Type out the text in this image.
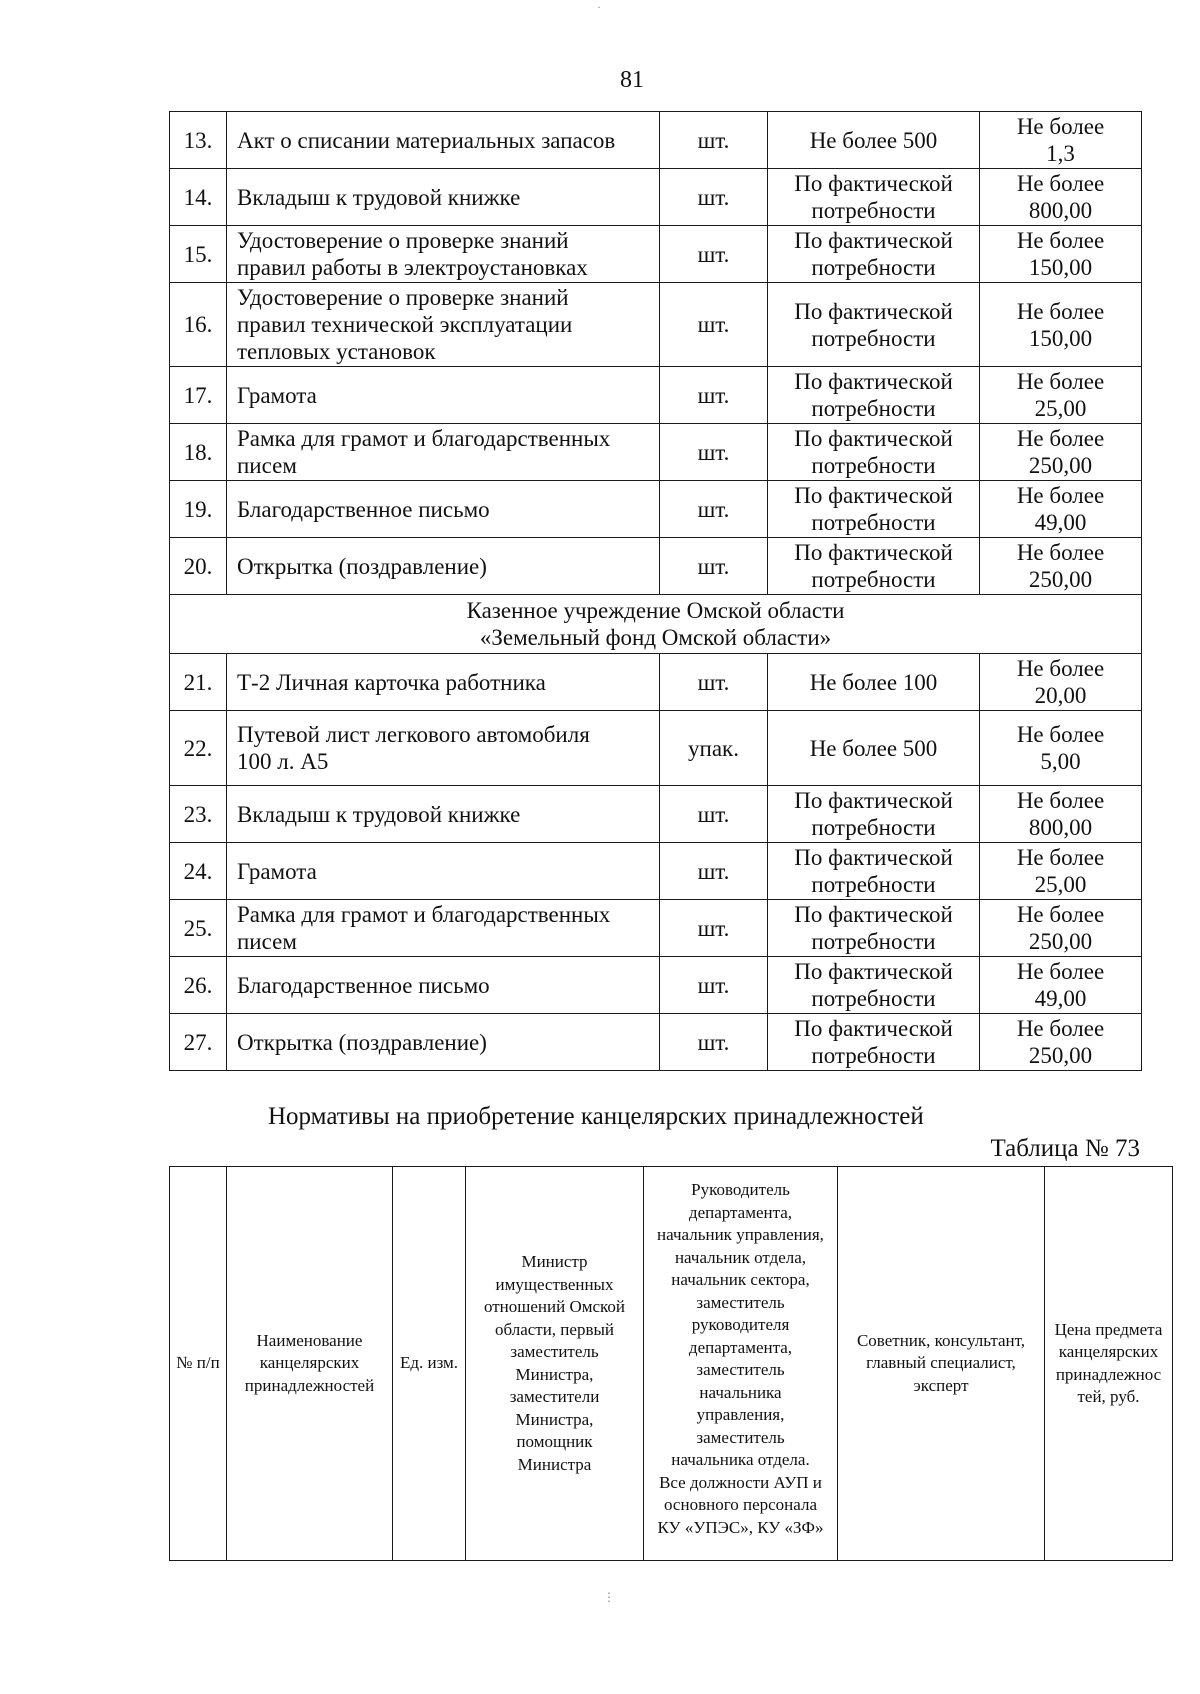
81
13.	Акт о списании материальных запасов	шт.	Не более 500	Не более
1,3

14.	Вкладыш к трудовой книжке	шт.	По фактической
потребности	Не более
800,00

15.	Удостоверение о проверке знаний
правил работы в электроустановках	шт.	По фактической
потребности	Не более
150,00

16.	Удостоверение о проверке знаний
правил технической эксплуатации
тепловых установок	шт.	По фактической
потребности	Не более
150,00

17.	Грамота	шт.	По фактической
потребности	Не более
25,00

18.	Рамка для грамот и благодарственных
писем	шт.	По фактической
потребности	Не более
250,00

19.	Благодарственное письмо	шт.	По фактической
потребности	Не более
49,00

20.	Открытка (поздравление)	шт.	По фактической
потребности	Не более
250,00

Казенное учреждение Омской области
«Земельный фонд Омской области»				

21.	Т-2 Личная карточка работника	шт.	Не более 100	Не более
20,00

22.	Путевой лист легкового автомобиля
100 л. А5	упак.	Не более 500	Не более
5,00

23.	Вкладыш к трудовой книжке	шт.	По фактической
потребности	Не более
800,00

24.	Грамота	шт.	По фактической
потребности	Не более
25,00

25.	Рамка для грамот и благодарственных
писем	шт.	По фактической
потребности	Не более
250,00

26.	Благодарственное письмо	шт.	По фактической
потребности	Не более
49,00

27.	Открытка (поздравление)	шт.	По фактической
потребности	Не более
250,00
Нормативы на приобретение канцелярских принадлежностей
Таблица № 73
№ п/п

Наименование
канцелярских
принадлежностей

Ед. изм.

Министр
имущественных
отношений Омской
области, первый
заместитель
Министра,
заместители
Министра,
помощник
Министра

Руководитель
департамента,
начальник управления,
начальник отдела,
начальник сектора,
заместитель
руководителя
департамента,
заместитель
начальника
управления,
заместитель
начальника отдела.
Все должности АУП и
основного персонала
КУ «УПЭС», КУ «ЗФ»

Советник, консультант,
главный специалист,
эксперт

Цена предмета
канцелярских
принадлежнос
тей, руб.
·
⋮
